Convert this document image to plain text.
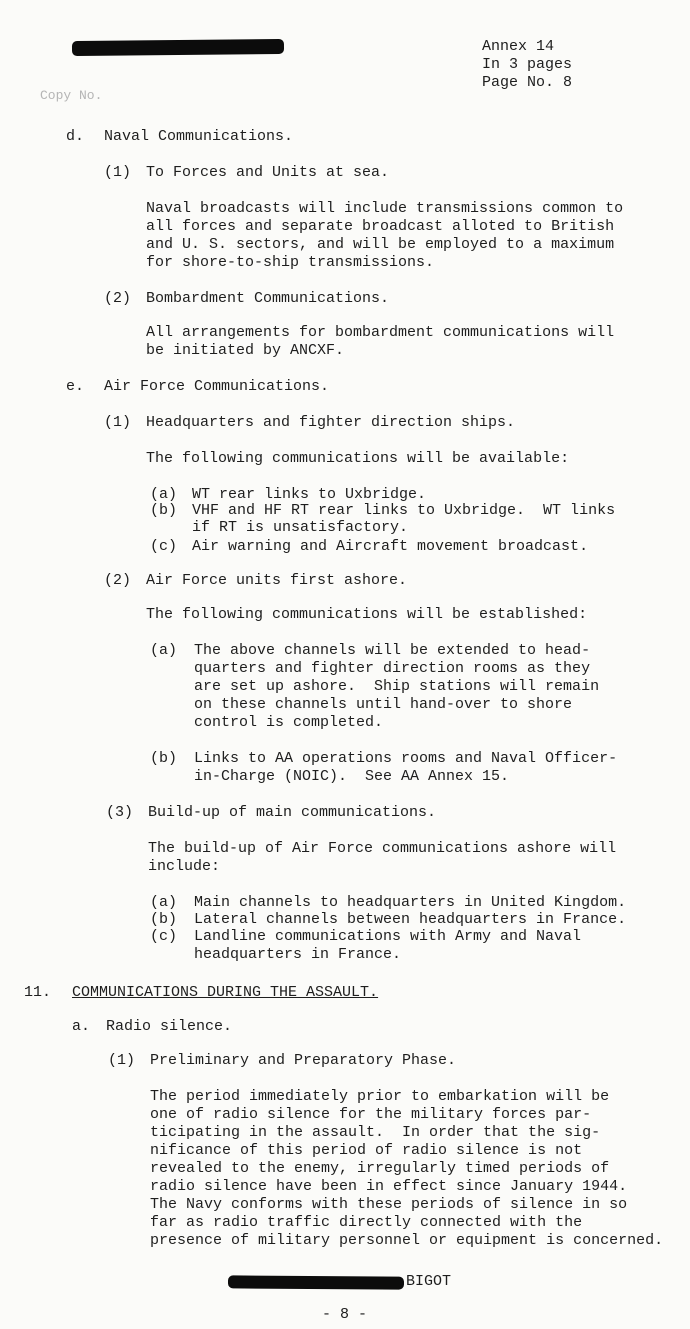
Copy No.
Annex 14
In 3 pages
Page No. 8
d. Naval Communications.
(1) To Forces and Units at sea.
Naval broadcasts will include transmissions common to
all forces and separate broadcast alloted to British
and U. S. sectors, and will be employed to a maximum
for shore-to-ship transmissions.
(2) Bombardment Communications.
All arrangements for bombardment communications will
be initiated by ANCXF.
e. Air Force Communications.
(1) Headquarters and fighter direction ships.
The following communications will be available:
(a) WT rear links to Uxbridge.
(b) VHF and HF RT rear links to Uxbridge.  WT links
if RT is unsatisfactory.
(c) Air warning and Aircraft movement broadcast.
(2) Air Force units first ashore.
The following communications will be established:
(a) The above channels will be extended to head-
quarters and fighter direction rooms as they
are set up ashore.  Ship stations will remain
on these channels until hand-over to shore
control is completed.
(b) Links to AA operations rooms and Naval Officer-
in-Charge (NOIC).  See AA Annex 15.
(3) Build-up of main communications.
The build-up of Air Force communications ashore will
include:
(a) Main channels to headquarters in United Kingdom.
(b) Lateral channels between headquarters in France.
(c) Landline communications with Army and Naval
headquarters in France.
11. COMMUNICATIONS DURING THE ASSAULT.
a. Radio silence.
(1) Preliminary and Preparatory Phase.
The period immediately prior to embarkation will be
one of radio silence for the military forces par-
ticipating in the assault.  In order that the sig-
nificance of this period of radio silence is not
revealed to the enemy, irregularly timed periods of
radio silence have been in effect since January 1944.
The Navy conforms with these periods of silence in so
far as radio traffic directly connected with the
presence of military personnel or equipment is concerned.
BIGOT
- 8 -
